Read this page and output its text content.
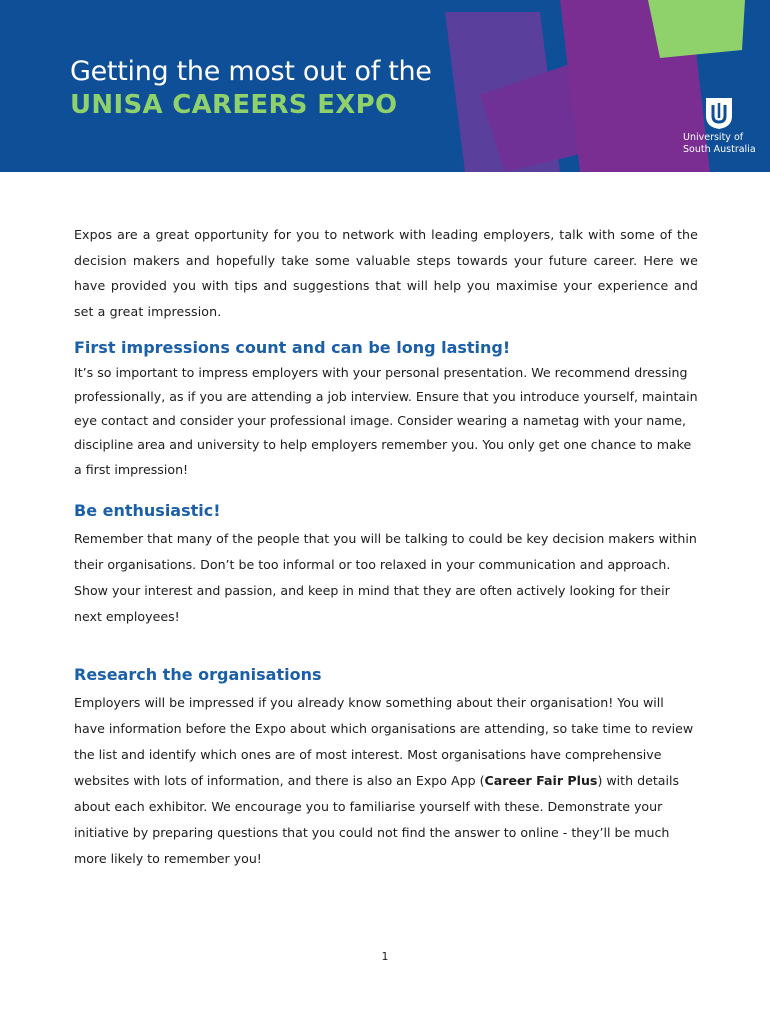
Getting the most out of the
UNISA CAREERS EXPO
University of
South Australia

Expos are a great opportunity for you to network with leading employers, talk with some of the decision makers and hopefully take some valuable steps towards your future career. Here we have provided you with tips and suggestions that will help you maximise your experience and set a great impression.

First impressions count and can be long lasting!

It’s so important to impress employers with your personal presentation. We recommend dressing professionally, as if you are attending a job interview. Ensure that you introduce yourself, maintain eye contact and consider your professional image. Consider wearing a nametag with your name, discipline area and university to help employers remember you. You only get one chance to make a first impression!

Be enthusiastic!

Remember that many of the people that you will be talking to could be key decision makers within their organisations. Don’t be too informal or too relaxed in your communication and approach. Show your interest and passion, and keep in mind that they are often actively looking for their next employees!

Research the organisations

Employers will be impressed if you already know something about their organisation! You will have information before the Expo about which organisations are attending, so take time to review the list and identify which ones are of most interest. Most organisations have comprehensive websites with lots of information, and there is also an Expo App (Career Fair Plus) with details about each exhibitor. We encourage you to familiarise yourself with these. Demonstrate your initiative by preparing questions that you could not find the answer to online - they’ll be much more likely to remember you!

1
